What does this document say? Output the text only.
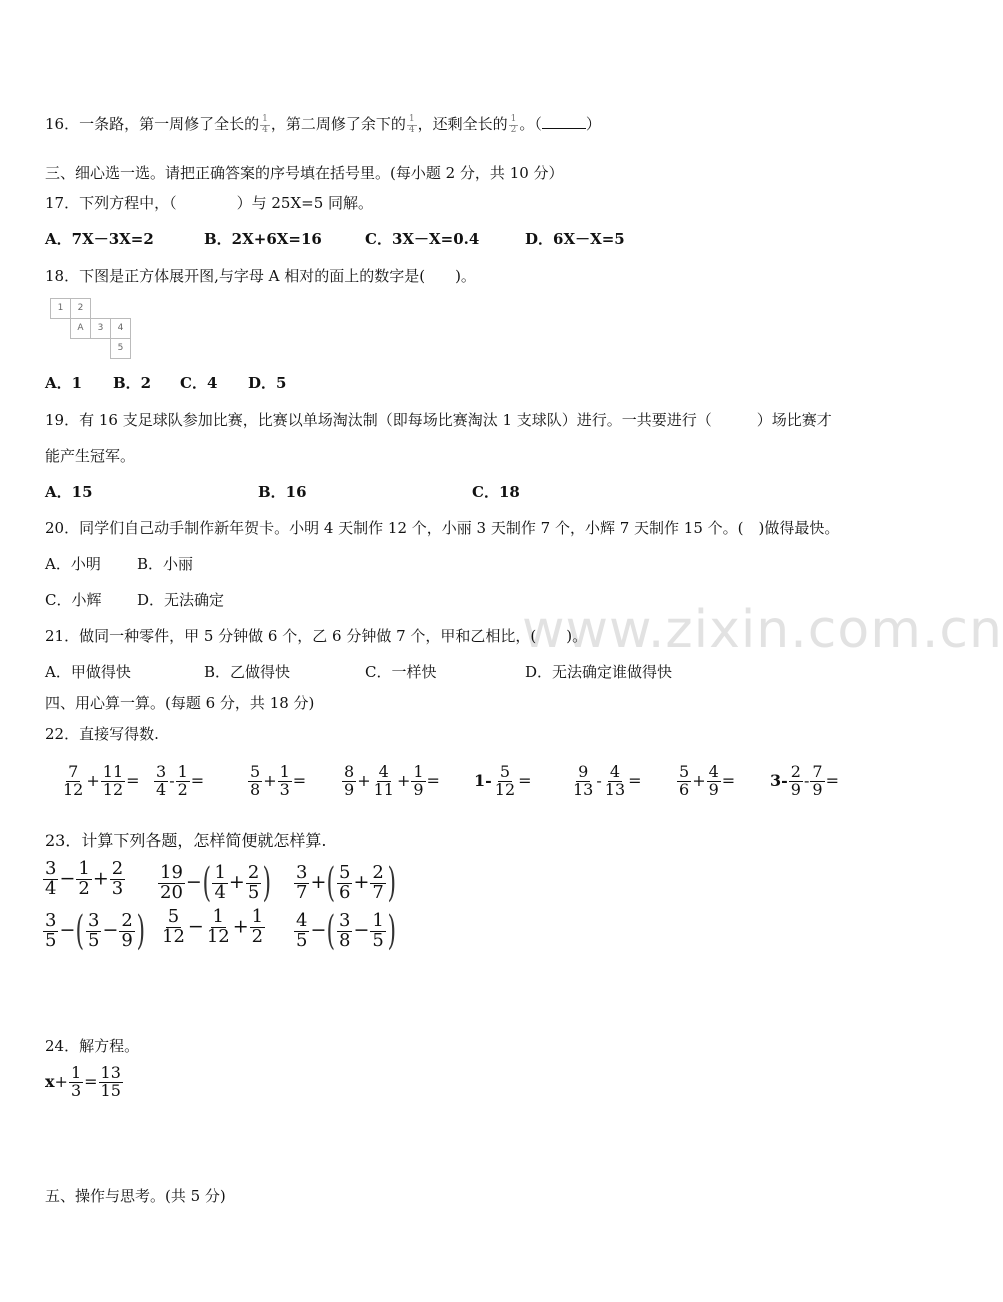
www.zixin.com.cn
16．一条路，第一周修了全长的 $\frac{1}{4}$ ，第二周修了余下的 $\frac{1}{4}$ ，还剩全长的 $\frac{1}{2}$ 。（	）
三、细心选一选。请把正确答案的序号填在括号里。(每小题 2 分，共 10 分）
17．下列方程中，（　　　　）与 25X=5 同解。
A．7X－3X=2	B．2X+6X=16	C．3X－X=0.4	D．6X－X=5
18．下图是正方体展开图,与字母 A 相对的面上的数字是(　　)。
1	2
A	3	4
5
A．1 B．2 C．4 D．5
19．有 16 支足球队参加比赛，比赛以单场淘汰制（即每场比赛淘汰 1 支球队）进行。一共要进行（　　　）场比赛才
能产生冠军。
A．15	B．16	C．18
20．同学们自己动手制作新年贺卡。小明 4 天制作 12 个，小丽 3 天制作 7 个，小辉 7 天制作 15 个。(　)做得最快。
A．小明 B．小丽
C．小辉 D．无法确定
21．做同一种零件，甲 5 分钟做 6 个，乙 6 分钟做 7 个，甲和乙相比，(　　)。
A．甲做得快	B．乙做得快	C．一样快	D．无法确定谁做得快
四、用心算一算。(每题 6 分，共 18 分)
22．直接写得数.
$\frac{7}{12} + \frac{11}{12} = \frac{3}{4} - \frac{1}{2}$ =	$\frac{5}{8} + \frac{1}{3} = \frac{8}{9} + \frac{4}{11} + \frac{1}{9} = 1- \frac{5}{12} = \frac{9}{13} - \frac{4}{13} = \frac{5}{6} + \frac{4}{9} = 3- \frac{2}{9} - \frac{7}{9}$ =
23．计算下列各题，怎样简便就怎样算.
$\frac{3}{4} - \frac{1}{2} + \frac{2}{3} \frac{19}{20}$ −( $\frac{1}{4} + \frac{2}{5}$ ) $\frac{3}{7}$ +( $\frac{5}{6} + \frac{2}{7}$ )
$\frac{3}{5}$ −( $\frac{3}{5} - \frac{2}{9}$ ) $\frac{5}{12} - \frac{1}{12} + \frac{1}{2} \frac{4}{5}$ −( $\frac{3}{8} - \frac{1}{5}$ )
24．解方程。
$x+ \frac{1}{3} = \frac{13}{15}$
五、操作与思考。(共 5 分)
